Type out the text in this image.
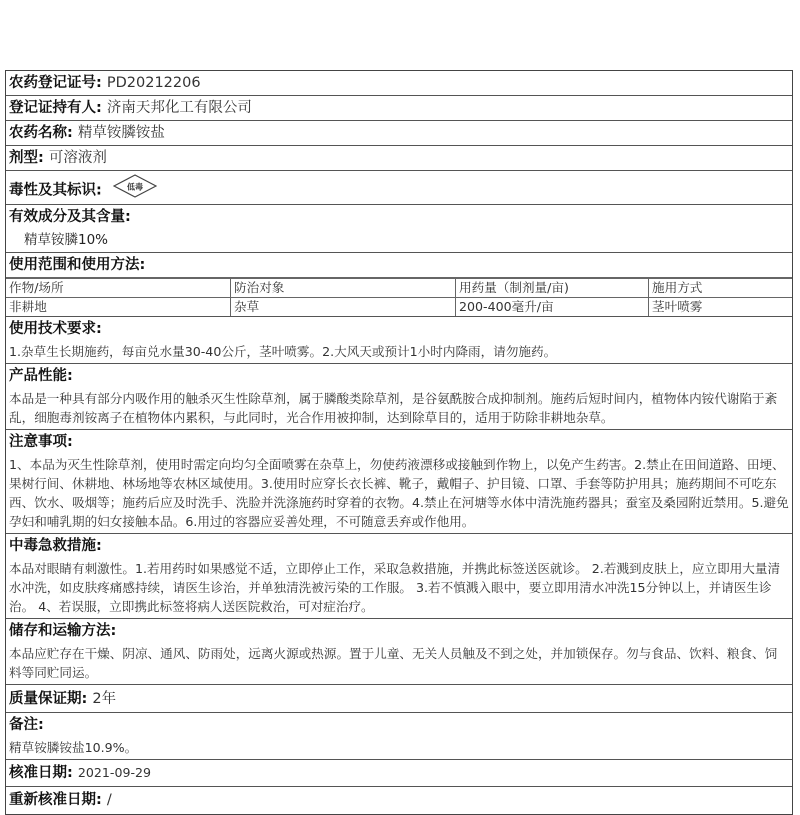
农药登记证号: PD20212206
登记证持有人: 济南天邦化工有限公司
农药名称: 精草铵膦铵盐
剂型: 可溶液剂
毒性及其标识:	低毒
有效成分及其含量:
精草铵膦10%
使用范围和使用方法:
作物/场所	防治对象	用药量（制剂量/亩)	施用方式
非耕地	杂草	200-400毫升/亩	茎叶喷雾
使用技术要求:
1.杂草生长期施药，每亩兑水量30-40公斤，茎叶喷雾。2.大风天或预计1小时内降雨，请勿施药。
产品性能:
本品是一种具有部分内吸作用的触杀灭生性除草剂，属于膦酸类除草剂，是谷氨酰胺合成抑制剂。施药后短时间内，植物体内铵代谢陷于紊乱，细胞毒剂铵离子在植物体内累积，与此同时，光合作用被抑制，达到除草目的，适用于防除非耕地杂草。
注意事项:
1、本品为灭生性除草剂，使用时需定向均匀全面喷雾在杂草上，勿使药液漂移或接触到作物上，以免产生药害。2.禁止在田间道路、田埂、果树行间、休耕地、林场地等农林区域使用。3.使用时应穿长衣长裤、靴子，戴帽子、护目镜、口罩、手套等防护用具；施药期间不可吃东西、饮水、吸烟等；施药后应及时洗手、洗脸并洗涤施药时穿着的衣物。4.禁止在河塘等水体中清洗施药器具；蚕室及桑园附近禁用。5.避免孕妇和哺乳期的妇女接触本品。6.用过的容器应妥善处理，不可随意丢弃或作他用。
中毒急救措施:
本品对眼睛有刺激性。1.若用药时如果感觉不适，立即停止工作，采取急救措施，并携此标签送医就诊。 2.若溅到皮肤上，应立即用大量清水冲洗，如皮肤疼痛感持续，请医生诊治，并单独清洗被污染的工作服。 3.若不慎溅入眼中，要立即用清水冲洗15分钟以上，并请医生诊治。 4、若误服，立即携此标签将病人送医院救治，可对症治疗。
储存和运输方法:
本品应贮存在干燥、阴凉、通风、防雨处，远离火源或热源。置于儿童、无关人员触及不到之处，并加锁保存。勿与食品、饮料、粮食、饲料等同贮同运。
质量保证期: 2年
备注:
精草铵膦铵盐10.9%。
核准日期: 2021-09-29
重新核准日期: /
